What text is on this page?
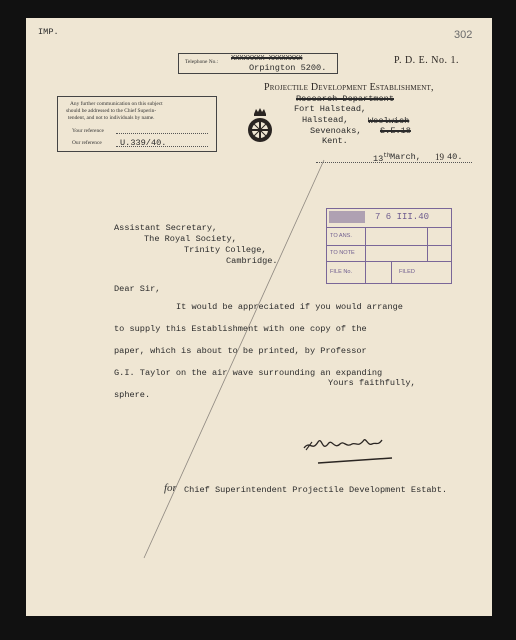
IMP.	302
P. D. E. No. 1.
Telephone No.: XXXXXXXX XXXXXXXX
Orpington 5200.
Any further communication on this subject
should be addressed to the Chief Superin-
tendent, and not to individuals by name.
Your reference
Our reference U.339/40.
Projectile Development Establishment,
Research Department
Fort Halstead,
Halstead, Woolwich
Sevenoaks, S.E.18
Kent.
13th March, 19 40.
7 6 III.40
TO ANS.
TO NOTE
FILE No.	FILED
Assistant Secretary,
The Royal Society,
Trinity College,
Cambridge.
Dear Sir,
It would be appreciated if you would arrange
to supply this Establishment with one copy of the
paper, which is about to be printed, by Professor
G.I. Taylor on the air wave surrounding an expanding
sphere.
Yours faithfully,
for Chief Superintendent Projectile Development Estabt.
